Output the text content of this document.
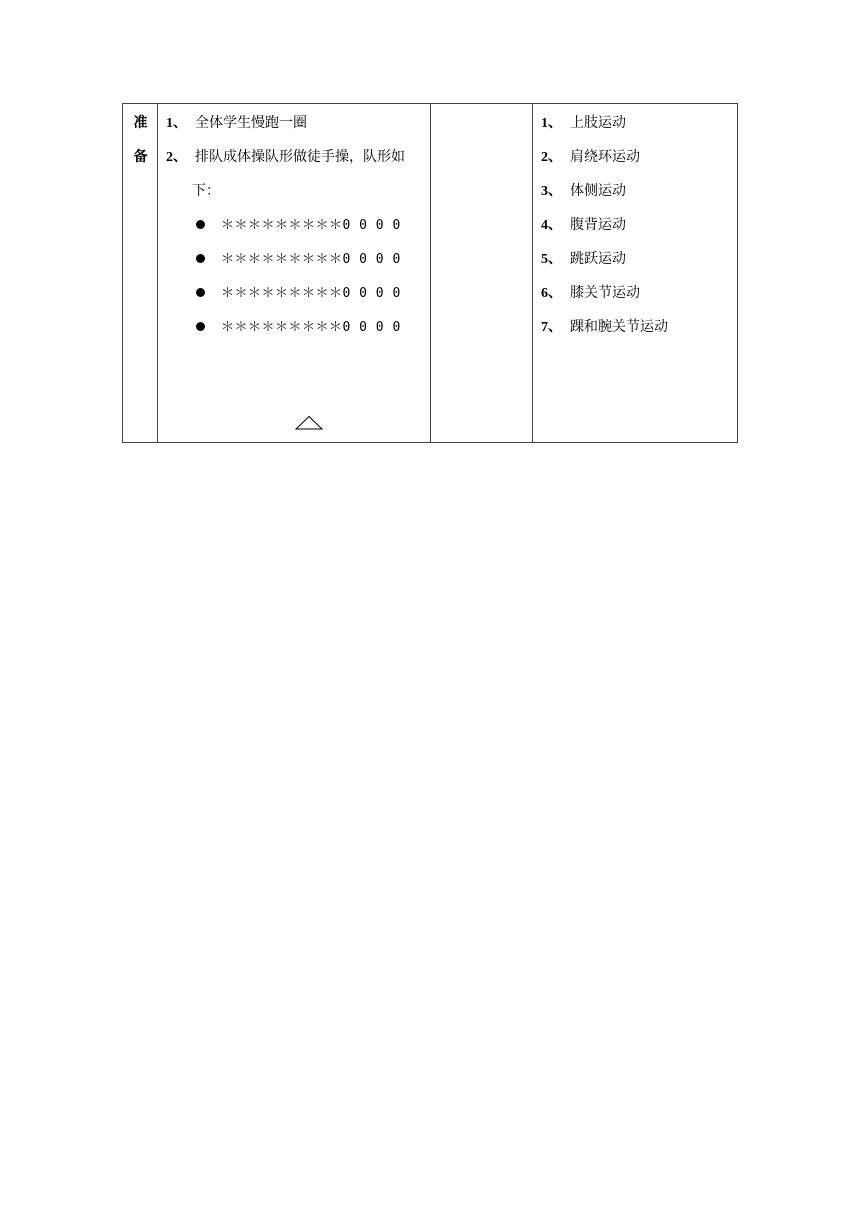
准
备
1、 全体学生慢跑一圈
2、 排队成体操队形做徒手操，队形如
下：
＊＊＊＊＊＊＊＊＊0 0 0 0
＊＊＊＊＊＊＊＊＊0 0 0 0
＊＊＊＊＊＊＊＊＊0 0 0 0
＊＊＊＊＊＊＊＊＊0 0 0 0
1、 上肢运动
2、 肩绕环运动
3、 体侧运动
4、 腹背运动
5、 跳跃运动
6、 膝关节运动
7、 踝和腕关节运动
